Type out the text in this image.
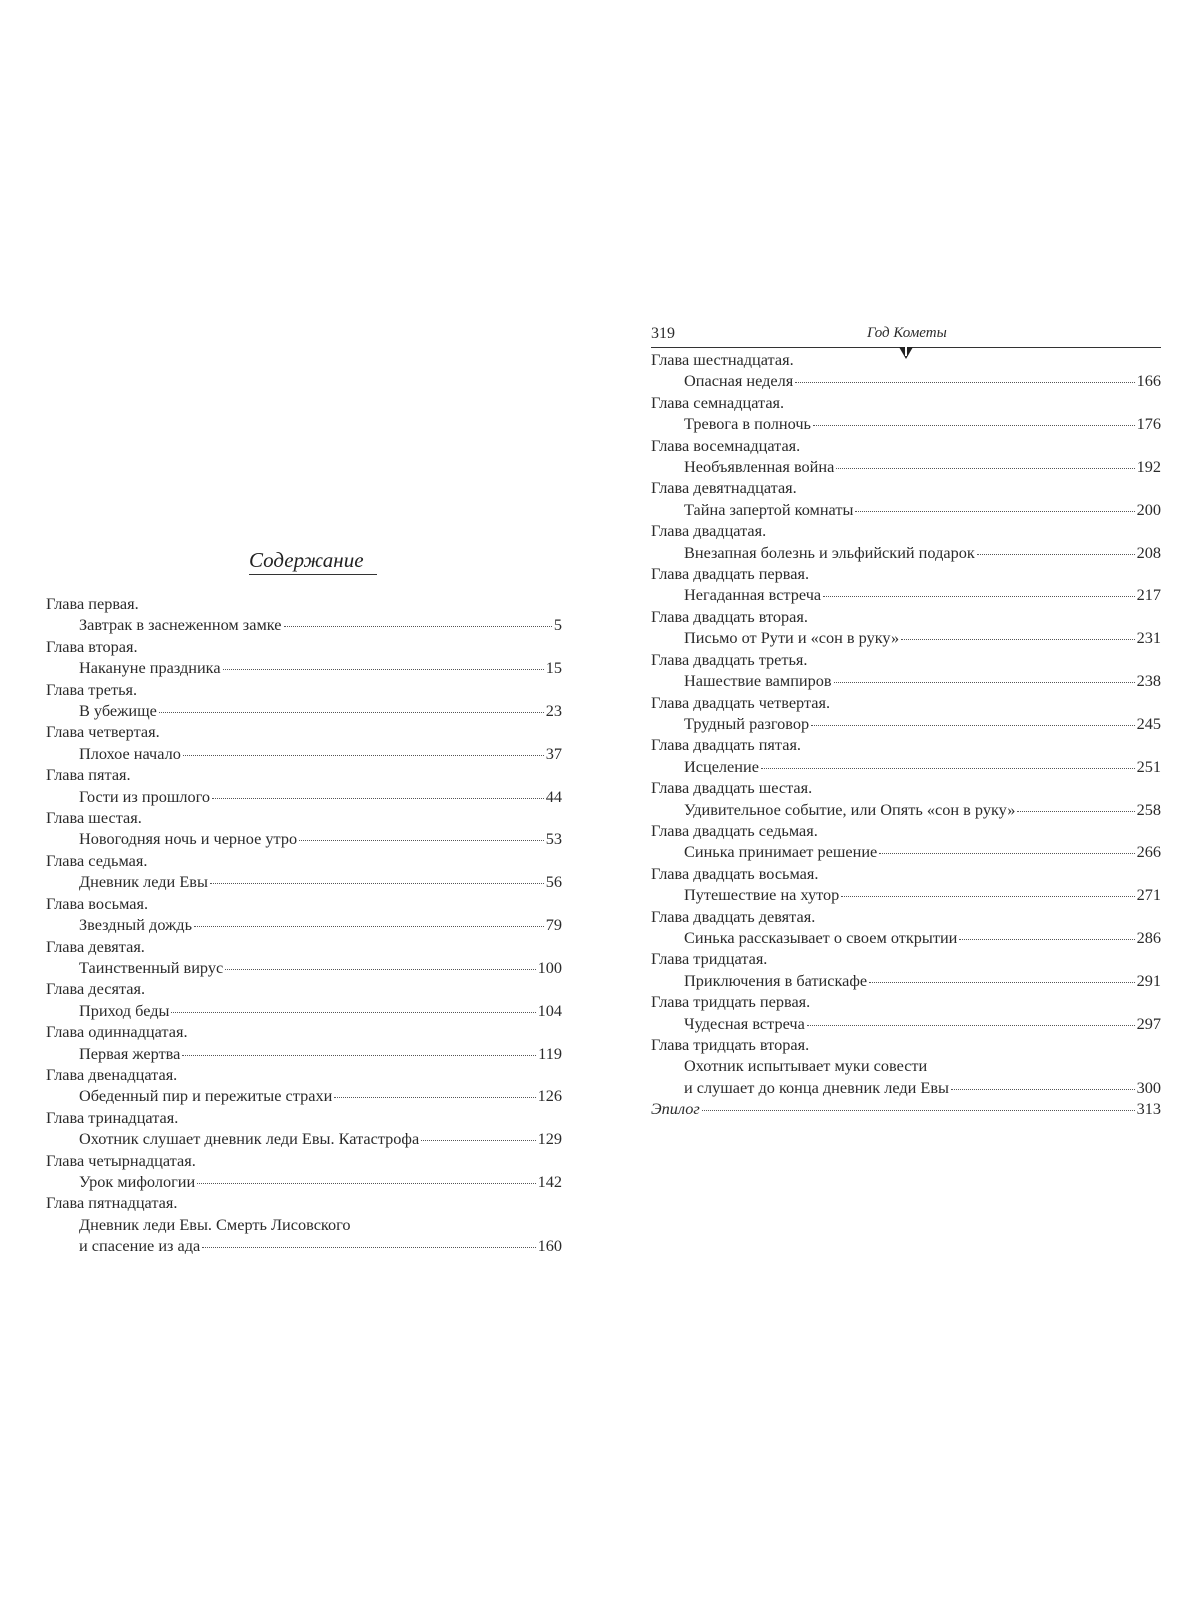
Содержание
Глава первая.
Завтрак в заснеженном замке	5
Глава вторая.
Накануне праздника	15
Глава третья.
В убежище	23
Глава четвертая.
Плохое начало	37
Глава пятая.
Гости из прошлого	44
Глава шестая.
Новогодняя ночь и черное утро	53
Глава седьмая.
Дневник леди Евы	56
Глава восьмая.
Звездный дождь	79
Глава девятая.
Таинственный вирус	100
Глава десятая.
Приход беды	104
Глава одиннадцатая.
Первая жертва	119
Глава двенадцатая.
Обеденный пир и пережитые страхи	126
Глава тринадцатая.
Охотник слушает дневник леди Евы. Катастрофа	129
Глава четырнадцатая.
Урок мифологии	142
Глава пятнадцатая.
Дневник леди Евы. Смерть Лисовского
и спасение из ада	160
319	Год Кометы
Глава шестнадцатая.
Опасная неделя	166
Глава семнадцатая.
Тревога в полночь	176
Глава восемнадцатая.
Необъявленная война	192
Глава девятнадцатая.
Тайна запертой комнаты	200
Глава двадцатая.
Внезапная болезнь и эльфийский подарок	208
Глава двадцать первая.
Негаданная встреча	217
Глава двадцать вторая.
Письмо от Рути и «сон в руку»	231
Глава двадцать третья.
Нашествие вампиров	238
Глава двадцать четвертая.
Трудный разговор	245
Глава двадцать пятая.
Исцеление	251
Глава двадцать шестая.
Удивительное событие, или Опять «сон в руку»	258
Глава двадцать седьмая.
Синька принимает решение	266
Глава двадцать восьмая.
Путешествие на хутор	271
Глава двадцать девятая.
Синька рассказывает о своем открытии	286
Глава тридцатая.
Приключения в батискафе	291
Глава тридцать первая.
Чудесная встреча	297
Глава тридцать вторая.
Охотник испытывает муки совести
и слушает до конца дневник леди Евы	300
Эпилог	313
